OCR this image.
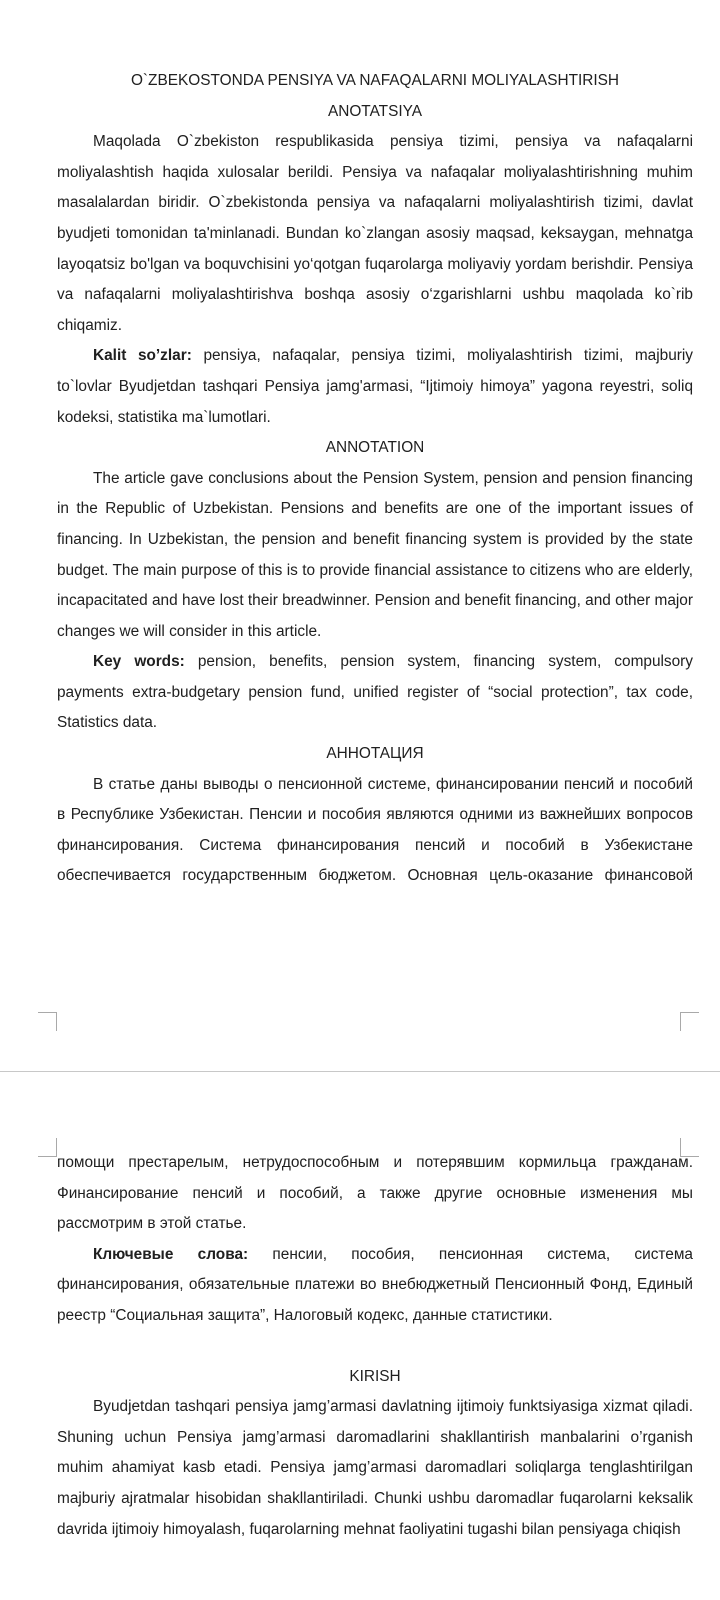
O`ZBEKOSTONDA PENSIYA VA NAFAQALARNI MOLIYALASHTIRISH

ANOTATSIYA

Maqolada O`zbekiston respublikasida pensiya tizimi, pensiya va nafaqalarni moliyalashtish haqida xulosalar berildi. Pensiya va nafaqalar moliyalashtirishning muhim masalalardan biridir. O`zbekistonda pensiya va nafaqalarni moliyalashtirish tizimi, davlat byudjeti tomonidan ta'minlanadi. Bundan ko`zlangan asosiy maqsad, keksaygan, mehnatga layoqatsiz bo'lgan va boquvchisini yo‘qotgan fuqarolarga moliyaviy yordam berishdir. Pensiya va nafaqalarni moliyalashtirishva boshqa asosiy o‘zgarishlarni ushbu maqolada ko`rib chiqamiz.

Kalit so’zlar: pensiya, nafaqalar, pensiya tizimi, moliyalashtirish tizimi, majburiy to`lovlar Byudjetdan tashqari Pensiya jamg'armasi, “Ijtimoiy himoya” yagona reyestri, soliq kodeksi, statistika ma`lumotlari.

ANNOTATION

The article gave conclusions about the Pension System, pension and pension financing in the Republic of Uzbekistan. Pensions and benefits are one of the important issues of financing. In Uzbekistan, the pension and benefit financing system is provided by the state budget. The main purpose of this is to provide financial assistance to citizens who are elderly, incapacitated and have lost their breadwinner. Pension and benefit financing, and other major changes we will consider in this article.

Key words: pension, benefits, pension system, financing system, compulsory payments extra-budgetary pension fund, unified register of “social protection”, tax code, Statistics data.

АННОТАЦИЯ

В статье даны выводы о пенсионной системе, финансировании пенсий и пособий в Республике Узбекистан. Пенсии и пособия являются одними из важнейших вопросов финансирования. Система финансирования пенсий и пособий в Узбекистане обеспечивается государственным бюджетом. Основная цель-оказание финансовой

помощи престарелым, нетрудоспособным и потерявшим кормильца гражданам. Финансирование пенсий и пособий, а также другие основные изменения мы рассмотрим в этой статье.

Ключевые слова: пенсии, пособия, пенсионная система, система финансирования, обязательные платежи во внебюджетный Пенсионный Фонд, Единый реестр “Социальная защита”, Налоговый кодекс, данные статистики.

KIRISH

Byudjetdan tashqari pensiya jamg’armasi davlatning ijtimoiy funktsiyasiga xizmat qiladi. Shuning uchun Pensiya jamg’armasi daromadlarini shakllantirish manbalarini o’rganish muhim ahamiyat kasb etadi. Pensiya jamg’armasi daromadlari soliqlarga tenglashtirilgan majburiy ajratmalar hisobidan shakllantiriladi. Chunki ushbu daromadlar fuqarolarni keksalik davrida ijtimoiy himoyalash, fuqarolarning mehnat faoliyatini tugashi bilan pensiyaga chiqish
